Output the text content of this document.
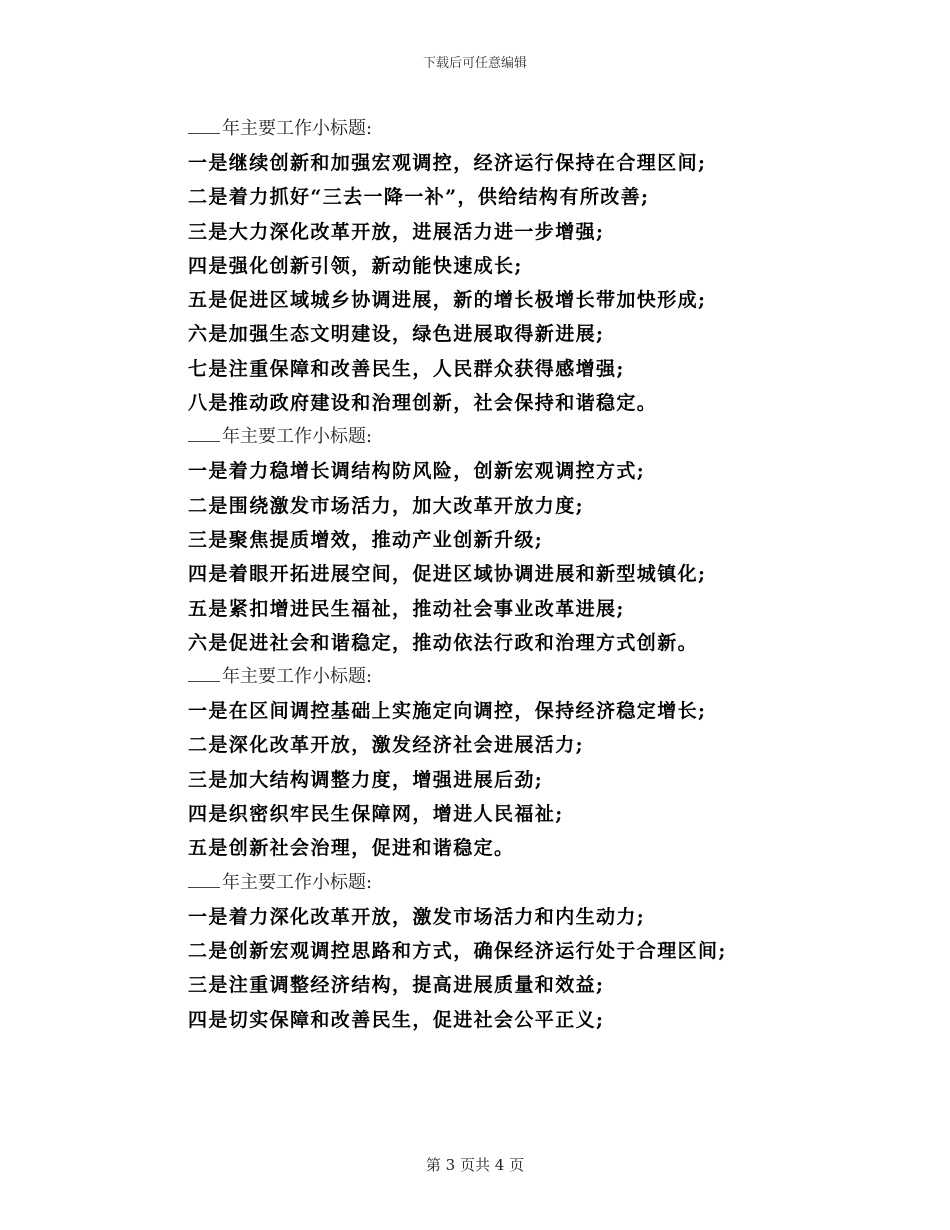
下载后可任意编辑
年主要工作小标题:
一是继续创新和加强宏观调控，经济运行保持在合理区间;
二是着力抓好“三去一降一补”，供给结构有所改善;
三是大力深化改革开放，进展活力进一步增强;
四是强化创新引领，新动能快速成长;
五是促进区域城乡协调进展，新的增长极增长带加快形成;
六是加强生态文明建设，绿色进展取得新进展;
七是注重保障和改善民生，人民群众获得感增强;
八是推动政府建设和治理创新，社会保持和谐稳定。
年主要工作小标题:
一是着力稳增长调结构防风险，创新宏观调控方式;
二是围绕激发市场活力，加大改革开放力度;
三是聚焦提质增效，推动产业创新升级;
四是着眼开拓进展空间，促进区域协调进展和新型城镇化;
五是紧扣增进民生福祉，推动社会事业改革进展;
六是促进社会和谐稳定，推动依法行政和治理方式创新。
年主要工作小标题:
一是在区间调控基础上实施定向调控，保持经济稳定增长;
二是深化改革开放，激发经济社会进展活力;
三是加大结构调整力度，增强进展后劲;
四是织密织牢民生保障网，增进人民福祉;
五是创新社会治理，促进和谐稳定。
年主要工作小标题:
一是着力深化改革开放，激发市场活力和内生动力;
二是创新宏观调控思路和方式，确保经济运行处于合理区间;
三是注重调整经济结构，提高进展质量和效益;
四是切实保障和改善民生，促进社会公平正义;
第 3 页共 4 页
